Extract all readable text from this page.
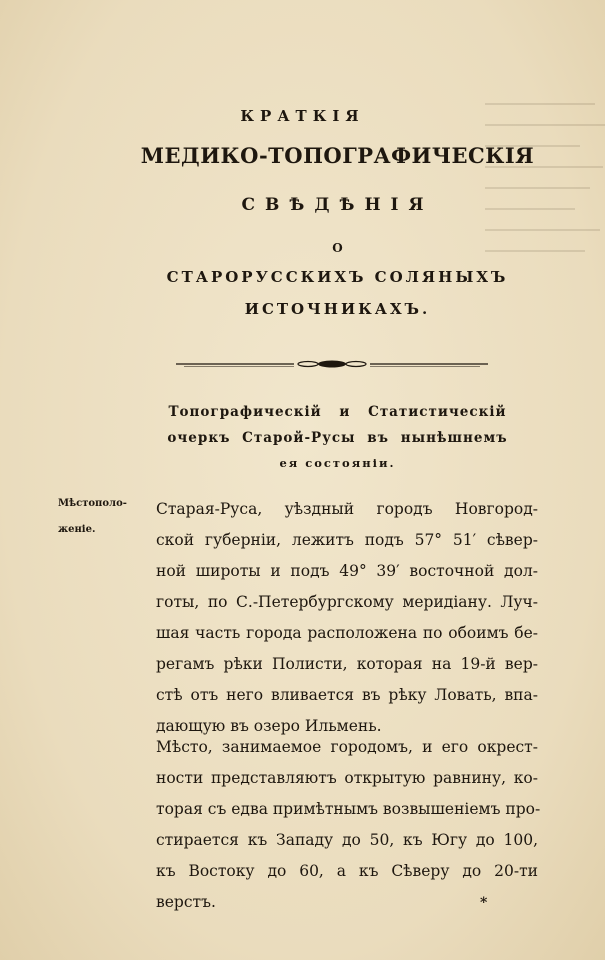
КРАТКІЯ
МЕДИКО-ТОПОГРАФИЧЕСКІЯ
СВѢДѢНІЯ
О
СТАРОРУССКИХЪ СОЛЯНЫХЪ
ИСТОЧНИКАХЪ.
Топографическій и Статистическій
очеркъ Старой-Русы въ нынѣшнемъ
ея состояніи.
Мѣстополо-
женіе.
Старая-Руса, уѣздный городъ Новгород-
ской губерніи, лежитъ подъ 57° 51′ сѣвер-
ной широты и подъ 49° 39′ восточной дол-
готы, по С.-Петербургскому меридіану. Луч-
шая часть города расположена по обоимъ бе-
регамъ рѣки Полисти, которая на 19-й вер-
стѣ отъ него вливается въ рѣку Ловать, впа-
дающую въ озеро Ильмень.
Мѣсто, занимаемое городомъ, и его окрест-
ности представляютъ открытую равнину, ко-
торая съ едва примѣтнымъ возвышеніемъ про-
стирается къ Западу до 50, къ Югу до 100,
къ Востоку до 60, а къ Сѣверу до 20-ти
верстъ.	*
